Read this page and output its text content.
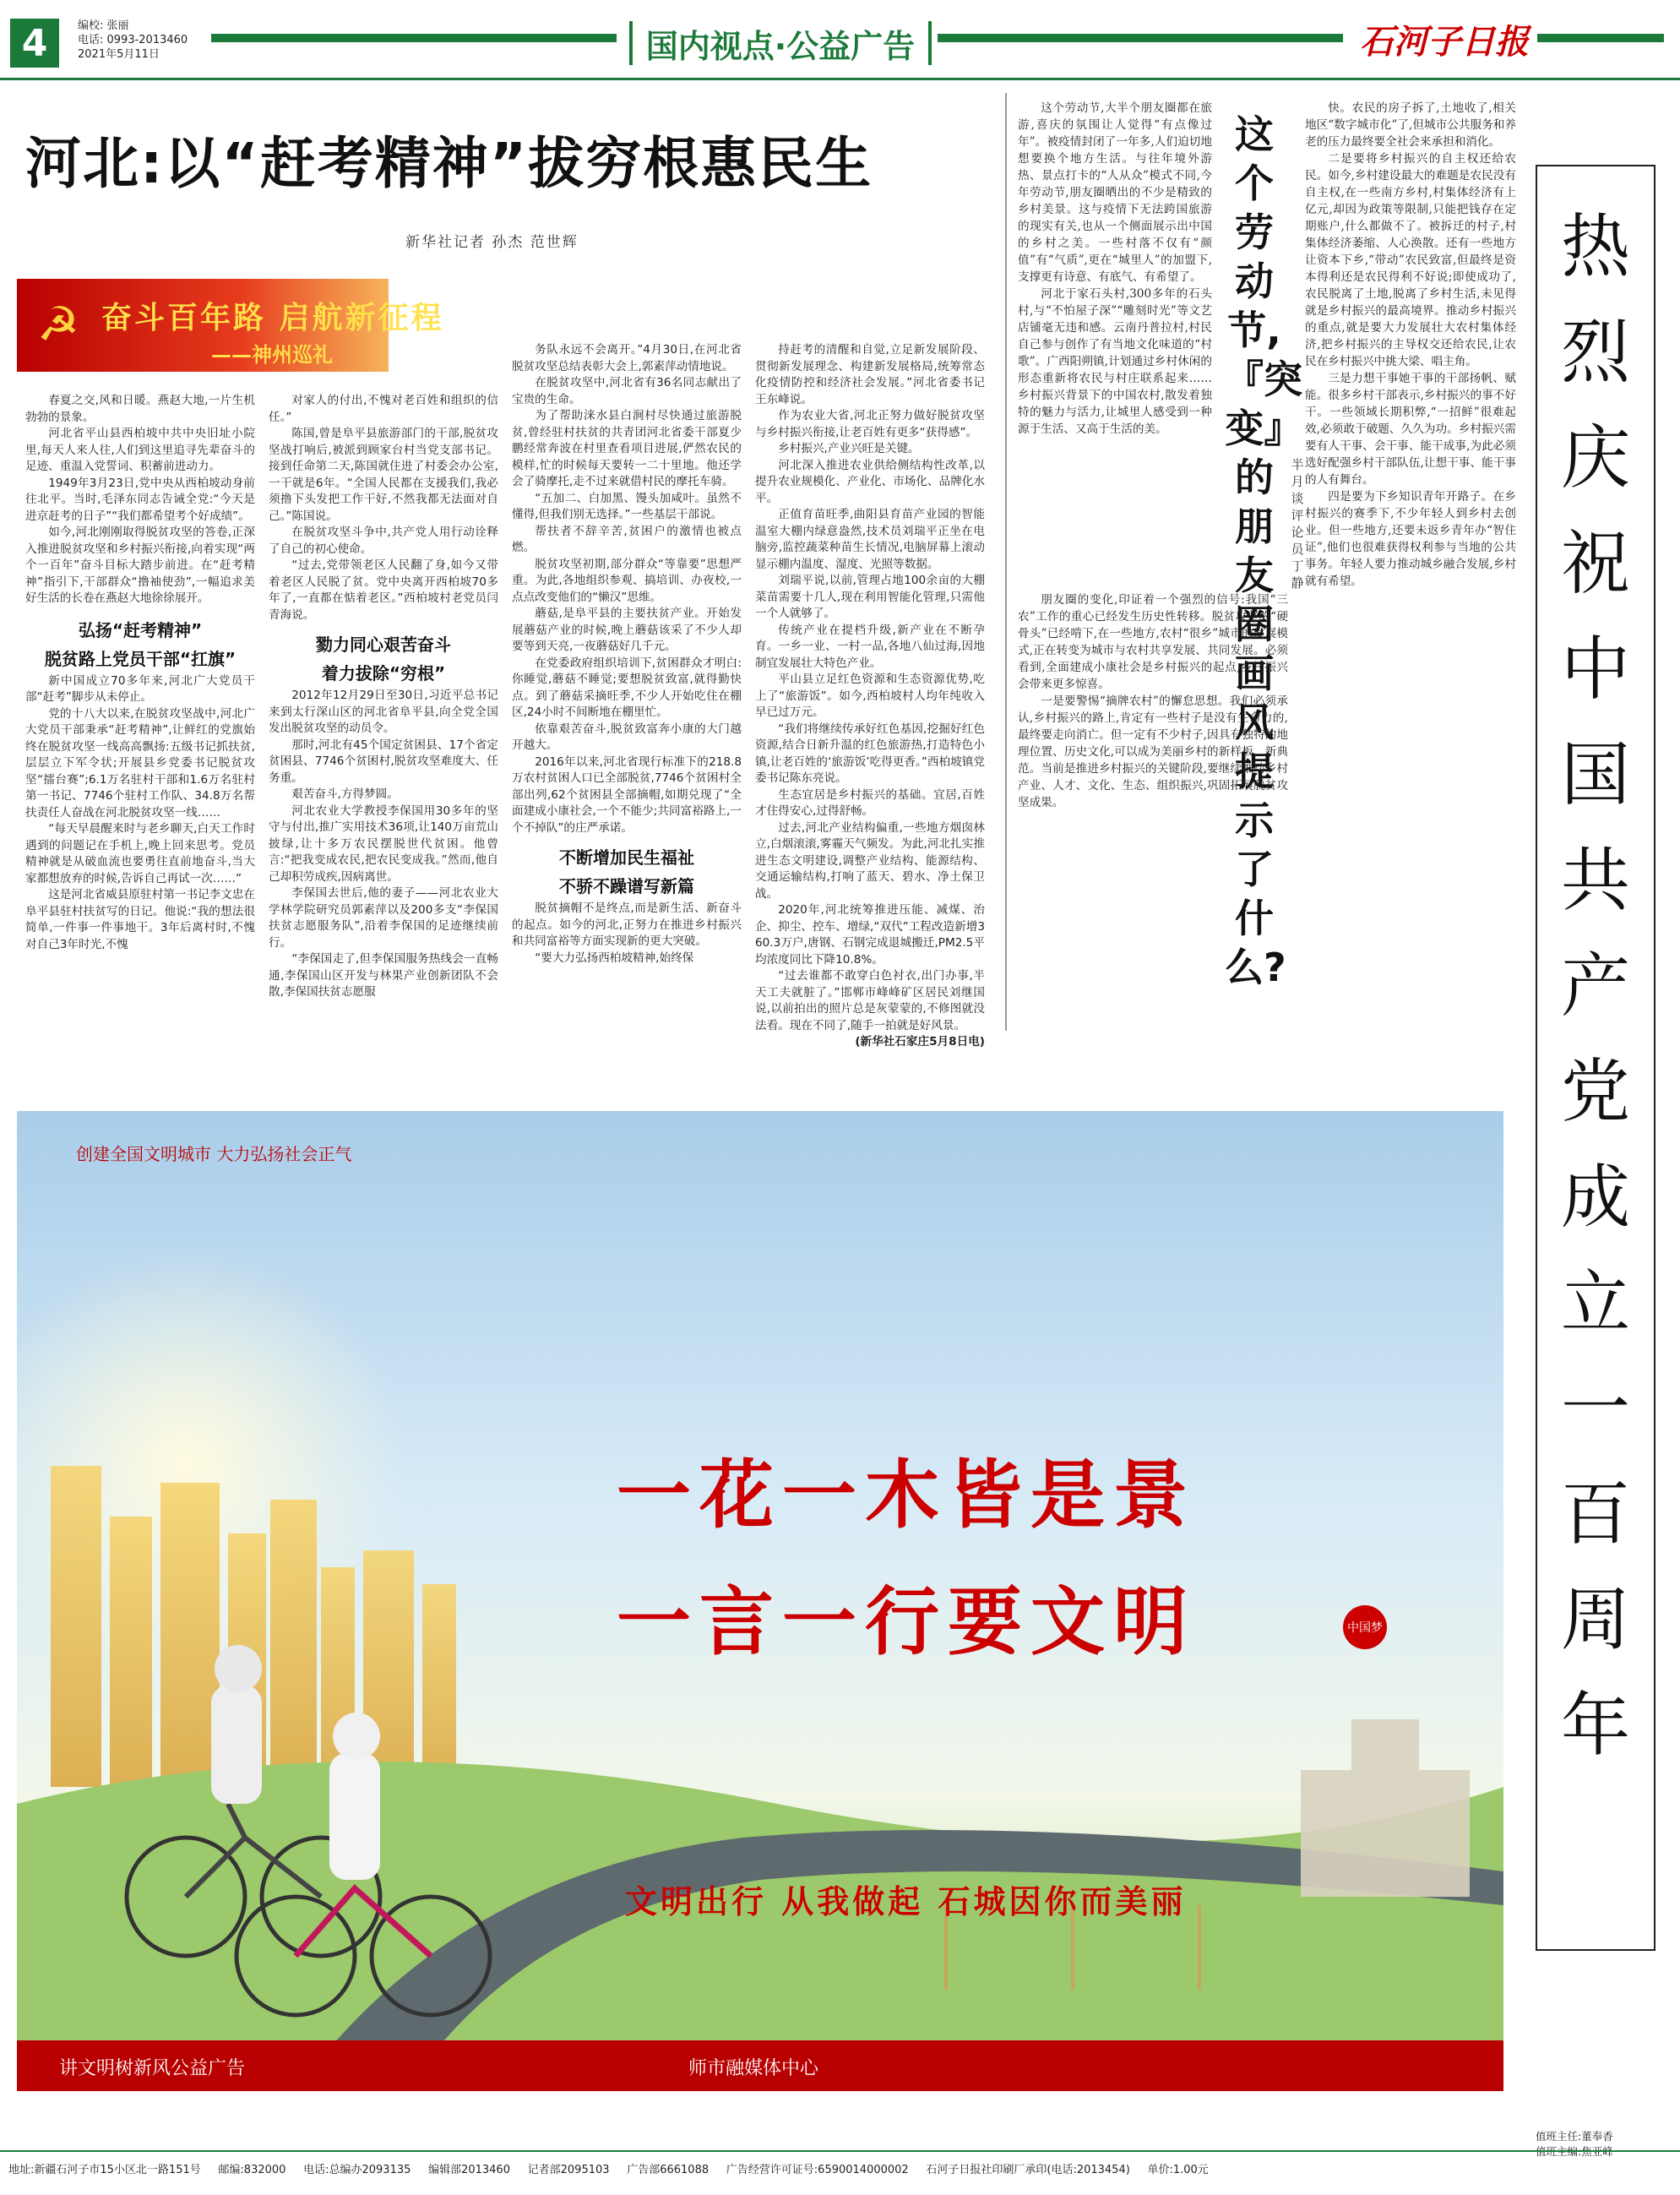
4	编校: 张丽
电话: 0993-2013460
2021年5月11日	国内视点·公益广告	石河子日报
河北:以“赶考精神”拔穷根惠民生
新华社记者 孙杰 范世辉
☭ 奋斗百年路 启航新征程
——神州巡礼

春夏之交,风和日暖。燕赵大地,一片生机勃勃的景象。

河北省平山县西柏坡中共中央旧址小院里,每天人来人往,人们到这里追寻先辈奋斗的足迹、重温入党誓词、积蓄前进动力。

1949年3月23日,党中央从西柏坡动身前往北平。当时,毛泽东同志告诫全党:“今天是进京赶考的日子”“我们都希望考个好成绩”。

如今,河北刚刚取得脱贫攻坚的答卷,正深入推进脱贫攻坚和乡村振兴衔接,向着实现“两个一百年”奋斗目标大踏步前进。在“赶考精神”指引下,干部群众“撸袖使劲”,一幅追求美好生活的长卷在燕赵大地徐徐展开。

弘扬“赶考精神”
脱贫路上党员干部“扛旗”

新中国成立70多年来,河北广大党员干部“赶考”脚步从未停止。

党的十八大以来,在脱贫攻坚战中,河北广大党员干部秉承“赶考精神”,让鲜红的党旗始终在脱贫攻坚一线高高飘扬:五级书记抓扶贫,层层立下军令状;开展县乡党委书记脱贫攻坚“擂台赛”;6.1万名驻村干部和1.6万名驻村第一书记、7746个驻村工作队、34.8万名帮扶责任人奋战在河北脱贫攻坚一线……

“每天早晨醒来时与老乡聊天,白天工作时遇到的问题记在手机上,晚上回来思考。党员精神就是从破血流也要勇往直前地奋斗,当大家都想放弃的时候,告诉自己再试一次……”

这是河北省威县原驻村第一书记李文忠在阜平县驻村扶贫写的日记。他说:“我的想法很简单,一件事一件事地干。3年后离村时,不愧对自己3年时光,不愧

对家人的付出,不愧对老百姓和组织的信任。”

陈国,曾是阜平县旅游部门的干部,脱贫攻坚战打响后,被派到顾家台村当党支部书记。接到任命第二天,陈国就住进了村委会办公室,一干就是6年。“全国人民都在支援我们,我必须撸下头发把工作干好,不然我都无法面对自己。”陈国说。

在脱贫攻坚斗争中,共产党人用行动诠释了自己的初心使命。

“过去,党带领老区人民翻了身,如今又带着老区人民脱了贫。党中央离开西柏坡70多年了,一直都在惦着老区。”西柏坡村老党员闫青海说。

勠力同心艰苦奋斗
着力拔除“穷根”

2012年12月29日至30日,习近平总书记来到太行深山区的河北省阜平县,向全党全国发出脱贫攻坚的动员令。

那时,河北有45个国定贫困县、17个省定贫困县、7746个贫困村,脱贫攻坚难度大、任务重。

艰苦奋斗,方得梦圆。

河北农业大学教授李保国用30多年的坚守与付出,推广实用技术36项,让140万亩荒山披绿,让十多万农民摆脱世代贫困。他曾言:“把我变成农民,把农民变成我。”然而,他自己却积劳成疾,因病离世。

李保国去世后,他的妻子——河北农业大学林学院研究员郭素萍以及200多支“李保国扶贫志愿服务队”,沿着李保国的足迹继续前行。

“李保国走了,但李保国服务热线会一直畅通,李保国山区开发与林果产业创新团队不会散,李保国扶贫志愿服

务队永远不会离开。”4月30日,在河北省脱贫攻坚总结表彰大会上,郭素萍动情地说。

在脱贫攻坚中,河北省有36名同志献出了宝贵的生命。

为了帮助涞水县白涧村尽快通过旅游脱贫,曾经驻村扶贫的共青团河北省委干部夏少鹏经常奔波在村里查看项目进展,俨然农民的模样,忙的时候每天要转一二十里地。他还学会了骑摩托,走不过来就借村民的摩托车骑。

“五加二、白加黑、馒头加咸叶。虽然不懂得,但我们别无选择。”一些基层干部说。

帮扶者不辞辛苦,贫困户的激情也被点燃。

脱贫攻坚初期,部分群众“等靠要”思想严重。为此,各地组织参观、搞培训、办夜校,一点点改变他们的“懒汉”思维。

蘑菇,是阜平县的主要扶贫产业。开始发展蘑菇产业的时候,晚上蘑菇该采了不少人却要等到天亮,一夜蘑菇好几千元。

在党委政府组织培训下,贫困群众才明白:你睡觉,蘑菇不睡觉;要想脱贫致富,就得勤快点。到了蘑菇采摘旺季,不少人开始吃住在棚区,24小时不间断地在棚里忙。

依靠艰苦奋斗,脱贫致富奔小康的大门越开越大。

2016年以来,河北省现行标准下的218.8万农村贫困人口已全部脱贫,7746个贫困村全部出列,62个贫困县全部摘帽,如期兑现了“全面建成小康社会,一个不能少;共同富裕路上,一个不掉队”的庄严承诺。

不断增加民生福祉
不骄不躁谱写新篇

脱贫摘帽不是终点,而是新生活、新奋斗的起点。如今的河北,正努力在推进乡村振兴和共同富裕等方面实现新的更大突破。

“要大力弘扬西柏坡精神,始终保

持赶考的清醒和自觉,立足新发展阶段、贯彻新发展理念、构建新发展格局,统筹常态化疫情防控和经济社会发展。”河北省委书记王东峰说。

作为农业大省,河北正努力做好脱贫攻坚与乡村振兴衔接,让老百姓有更多“获得感”。

乡村振兴,产业兴旺是关键。

河北深入推进农业供给侧结构性改革,以提升农业规模化、产业化、市场化、品牌化水平。

正值育苗旺季,曲阳县育苗产业园的智能温室大棚内绿意盎然,技术员刘瑞平正坐在电脑旁,监控蔬菜种苗生长情况,电脑屏幕上滚动显示棚内温度、湿度、光照等数据。

刘瑞平说,以前,管理占地100余亩的大棚菜苗需要十几人,现在利用智能化管理,只需他一个人就够了。

传统产业在提档升级,新产业在不断孕育。一乡一业、一村一品,各地八仙过海,因地制宜发展壮大特色产业。

平山县立足红色资源和生态资源优势,吃上了“旅游饭”。如今,西柏坡村人均年纯收入早已过万元。

“我们将继续传承好红色基因,挖掘好红色资源,结合日新升温的红色旅游热,打造特色小镇,让老百姓的‘旅游饭’吃得更香。”西柏坡镇党委书记陈东亮说。

生态宜居是乡村振兴的基础。宜居,百姓才住得安心,过得舒畅。

过去,河北产业结构偏重,一些地方烟囱林立,白烟滚滚,雾霾天气频发。为此,河北扎实推进生态文明建设,调整产业结构、能源结构、交通运输结构,打响了蓝天、碧水、净土保卫战。

2020年,河北统筹推进压能、减煤、治企、抑尘、控车、增绿,“双代”工程改造新增360.3万户,唐钢、石钢完成退城搬迁,PM2.5平均浓度同比下降10.8%。

“过去谁都不敢穿白色衬衣,出门办事,半天工夫就脏了。”邯郸市峰峰矿区居民刘继国说,以前拍出的照片总是灰蒙蒙的,不修图就没法看。现在不同了,随手一拍就是好风景。

(新华社石家庄5月8日电)

这个劳动节,大半个朋友圈都在旅游,喜庆的氛围让人觉得“有点像过年”。被疫情封闭了一年多,人们迫切地想要换个地方生活。与往年境外游热、景点打卡的“人从众”模式不同,今年劳动节,朋友圈晒出的不少是精致的乡村美景。这与疫情下无法跨国旅游的现实有关,也从一个侧面展示出中国的乡村之美。一些村落不仅有“颜值”有“气质”,更在“城里人”的加盟下,支撑更有诗意、有底气、有希望了。

河北于家石头村,300多年的石头村,与“不怕屋子深”“雕刻时光”等文艺店铺毫无违和感。云南丹普拉村,村民自己参与创作了有当地文化味道的“村歌”。广西阳朔镇,计划通过乡村休闲的形态重新将农民与村庄联系起来……乡村振兴背景下的中国农村,散发着独特的魅力与活力,让城里人感受到一种源于生活、又高于生活的美。

这个劳动节,『突变』的朋友圈画风提示了什么?
半月谈评论员 丁静

朋友圈的变化,印证着一个强烈的信号:我国“三农”工作的重心已经发生历史性转移。脱贫攻坚的“硬骨头”已经啃下,在一些地方,农村“很乡”城市的发展模式,正在转变为城市与农村共享发展、共同发展。必须看到,全面建成小康社会是乡村振兴的起点,乡村振兴会带来更多惊喜。

一是要警惕“摘牌农村”的懈怠思想。我们必须承认,乡村振兴的路上,肯定有一些村子是没有生命力的,最终要走向消亡。但一定有不少村子,因具有独特的地理位置、历史文化,可以成为美丽乡村的新样板、新典范。当前是推进乡村振兴的关键阶段,要继续推动乡村产业、人才、文化、生态、组织振兴,巩固拓展脱贫攻坚成果。

快。农民的房子拆了,土地收了,相关地区“数字城市化”了,但城市公共服务和养老的压力最终要全社会来承担和消化。

二是要将乡村振兴的自主权还给农民。如今,乡村建设最大的难题是农民没有自主权,在一些南方乡村,村集体经济有上亿元,却因为政策等限制,只能把钱存在定期账户,什么都做不了。被拆迁的村子,村集体经济萎缩、人心涣散。还有一些地方让资本下乡,“带动”农民致富,但最终是资本得利还是农民得利不好说;即使成功了,农民脱离了土地,脱离了乡村生活,未见得就是乡村振兴的最高境界。推动乡村振兴的重点,就是要大力发展壮大农村集体经济,把乡村振兴的主导权交还给农民,让农民在乡村振兴中挑大梁、唱主角。

三是力想干事她干事的干部扬帆、赋能。很多乡村干部表示,乡村振兴的事不好干。一些领域长期积弊,“一招鲜”很难起效,必须敢于破题、久久为功。乡村振兴需要有人干事、会干事、能干成事,为此必须选好配强乡村干部队伍,让想干事、能干事的人有舞台。

四是要为下乡知识青年开路子。在乡村振兴的赛季下,不少年轻人到乡村去创业。但一些地方,还要未返乡青年办“智住证”,他们也很难获得权利参与当地的公共事务。年轻人要力推动城乡融合发展,乡村就有希望。

热烈庆祝中国共产党成立一百周年
创建全国文明城市 大力弘扬社会正气
一花一木皆是景
一言一行要文明	中国梦
文明出行 从我做起 石城因你而美丽
讲文明树新风公益广告	师市融媒体中心
值班主任:董奉香
地址:新疆石河子市15小区北一路151号 邮编:832000 电话:总编办2093135 编辑部2013460 记者部2095103 广告部6661088 广告经营许可证号:6590014000002 石河子日报社印刷厂承印(电话:2013454) 单价:1.00元
